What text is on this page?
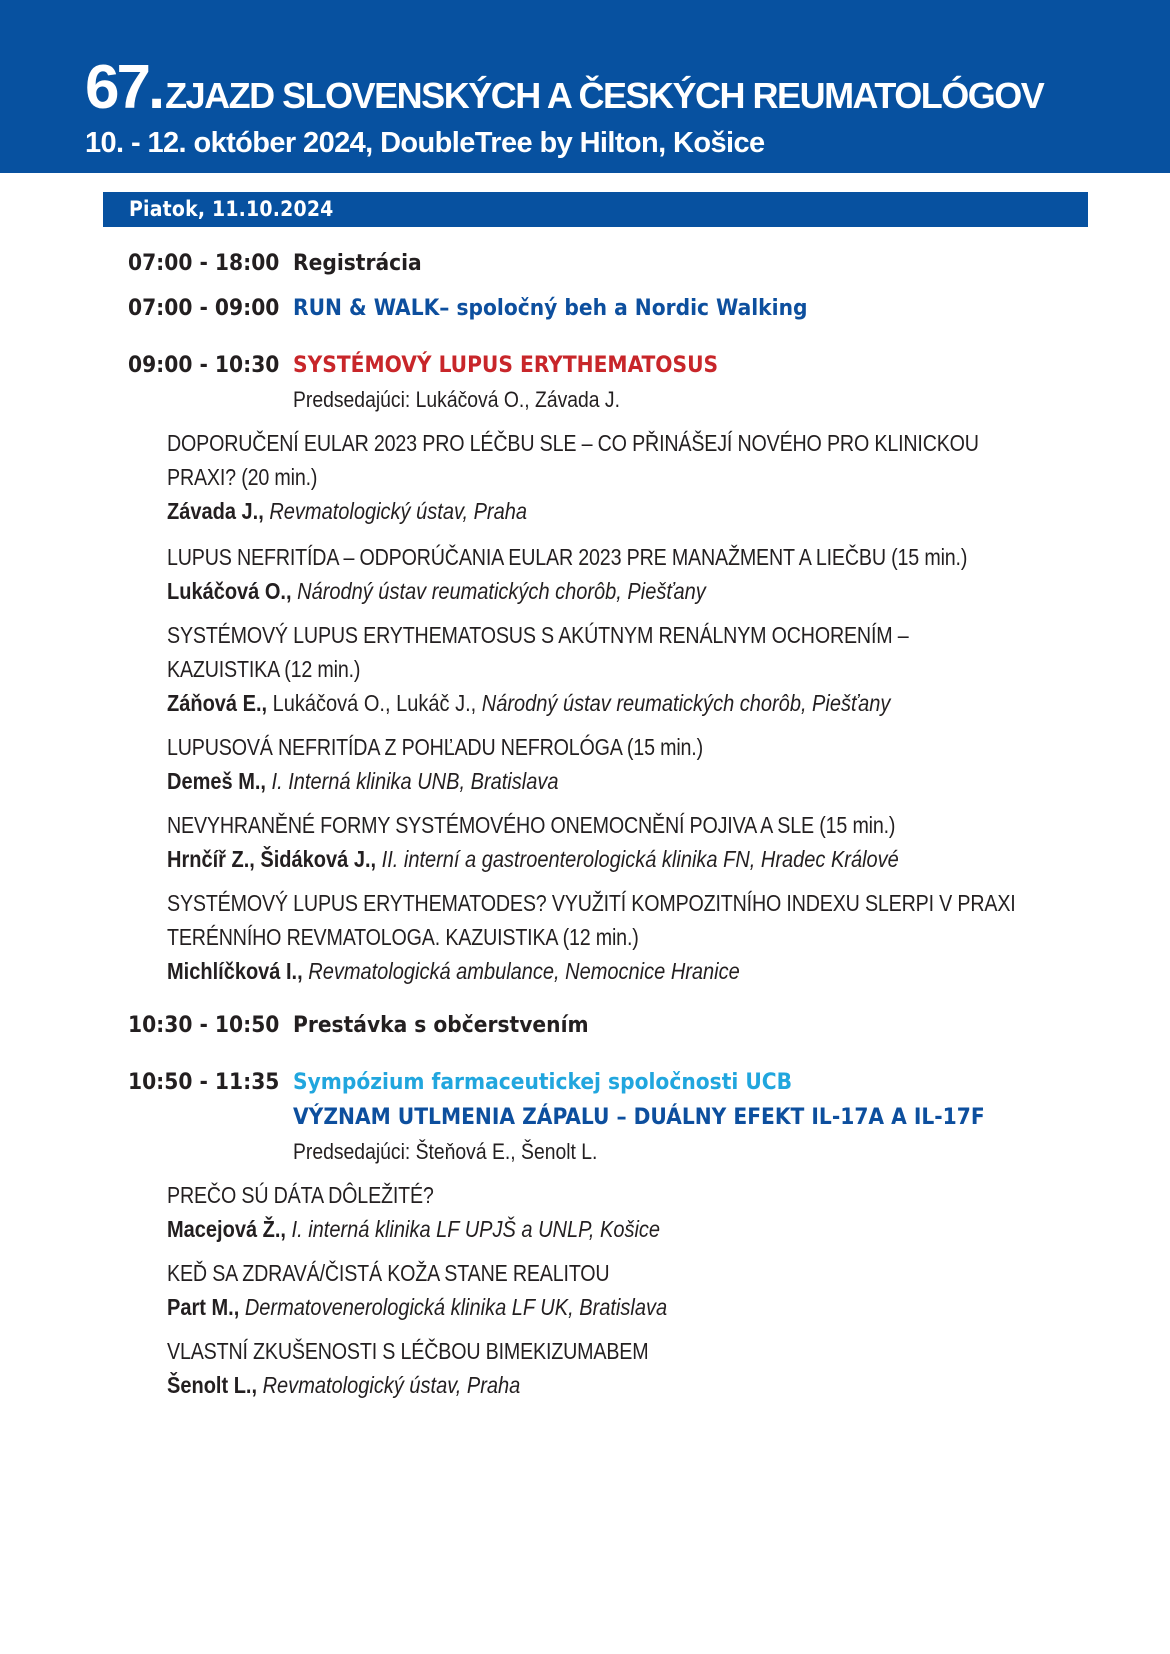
67. ZJAZD SLOVENSKÝCH A ČESKÝCH REUMATOLÓGOV
10. - 12. október 2024, DoubleTree by Hilton, Košice
Piatok, 11.10.2024
07:00 - 18:00 Registrácia
07:00 - 09:00 RUN & WALK– spoločný beh a Nordic Walking
09:00 - 10:30 SYSTÉMOVÝ LUPUS ERYTHEMATOSUS
Predsedajúci: Lukáčová O., Závada J.
DOPORUČENÍ EULAR 2023 PRO LÉČBU SLE – CO PŘINÁŠEJÍ NOVÉHO PRO KLINICKOU
PRAXI? (20 min.)
Závada J., Revmatologický ústav, Praha
LUPUS NEFRITÍDA – ODPORÚČANIA EULAR 2023 PRE MANAŽMENT A LIEČBU (15 min.)
Lukáčová O., Národný ústav reumatických chorôb, Piešťany
SYSTÉMOVÝ LUPUS ERYTHEMATOSUS S AKÚTNYM RENÁLNYM OCHORENÍM –
KAZUISTIKA (12 min.)
Záňová E., Lukáčová O., Lukáč J., Národný ústav reumatických chorôb, Piešťany
LUPUSOVÁ NEFRITÍDA Z POHĽADU NEFROLÓGA (15 min.)
Demeš M., I. Interná klinika UNB, Bratislava
NEVYHRANĚNÉ FORMY SYSTÉMOVÉHO ONEMOCNĚNÍ POJIVA A SLE (15 min.)
Hrnčíř Z., Šidáková J., II. interní a gastroenterologická klinika FN, Hradec Králové
SYSTÉMOVÝ LUPUS ERYTHEMATODES? VYUŽITÍ KOMPOZITNÍHO INDEXU SLERPI V PRAXI
TERÉNNÍHO REVMATOLOGA. KAZUISTIKA (12 min.)
Michlíčková I., Revmatologická ambulance, Nemocnice Hranice
10:30 - 10:50 Prestávka s občerstvením
10:50 - 11:35 Sympózium farmaceutickej spoločnosti UCB
VÝZNAM UTLMENIA ZÁPALU – DUÁLNY EFEKT IL-17A A IL-17F
Predsedajúci: Šteňová E., Šenolt L.
PREČO SÚ DÁTA DÔLEŽITÉ?
Macejová Ž., I. interná klinika LF UPJŠ a UNLP, Košice
KEĎ SA ZDRAVÁ/ČISTÁ KOŽA STANE REALITOU
Part M., Dermatovenerologická klinika LF UK, Bratislava
VLASTNÍ ZKUŠENOSTI S LÉČBOU BIMEKIZUMABEM
Šenolt L., Revmatologický ústav, Praha
